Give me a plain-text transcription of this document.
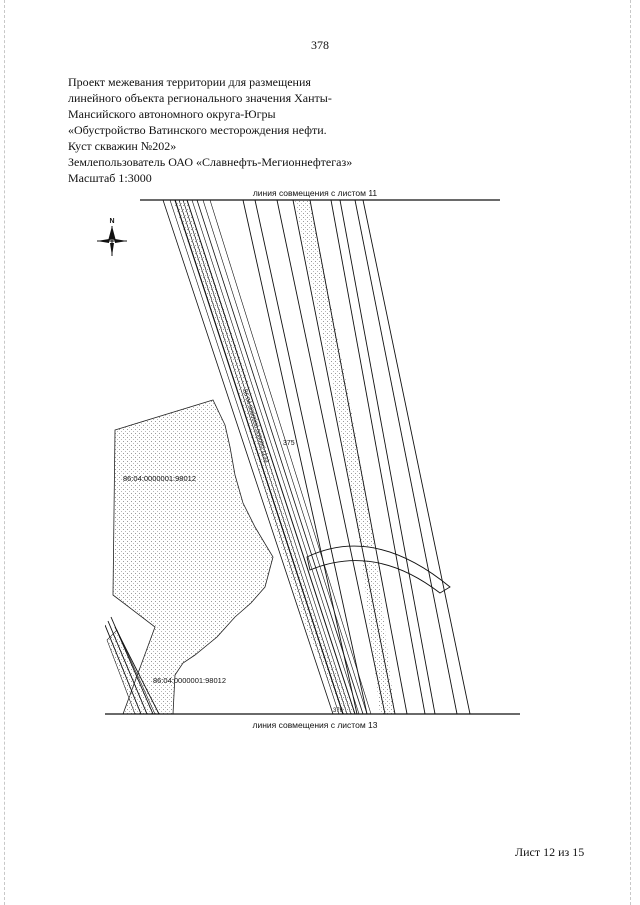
378
Проект межевания территории для размещения
линейного объекта регионального значения Ханты-
Мансийского автономного округа-Югры
«Обустройство Ватинского месторождения нефти.
Куст скважин №202»
Землепользователь ОАО «Славнефть-Мегионнефтегаз»
Масштаб 1:3000
линия совмещения с листом 11
N
86:04:0000001:98012
86:04:0000001:98012
86:04:0000000:000000:1133 375
376
линия совмещения с листом 13
Лист 12 из 15
